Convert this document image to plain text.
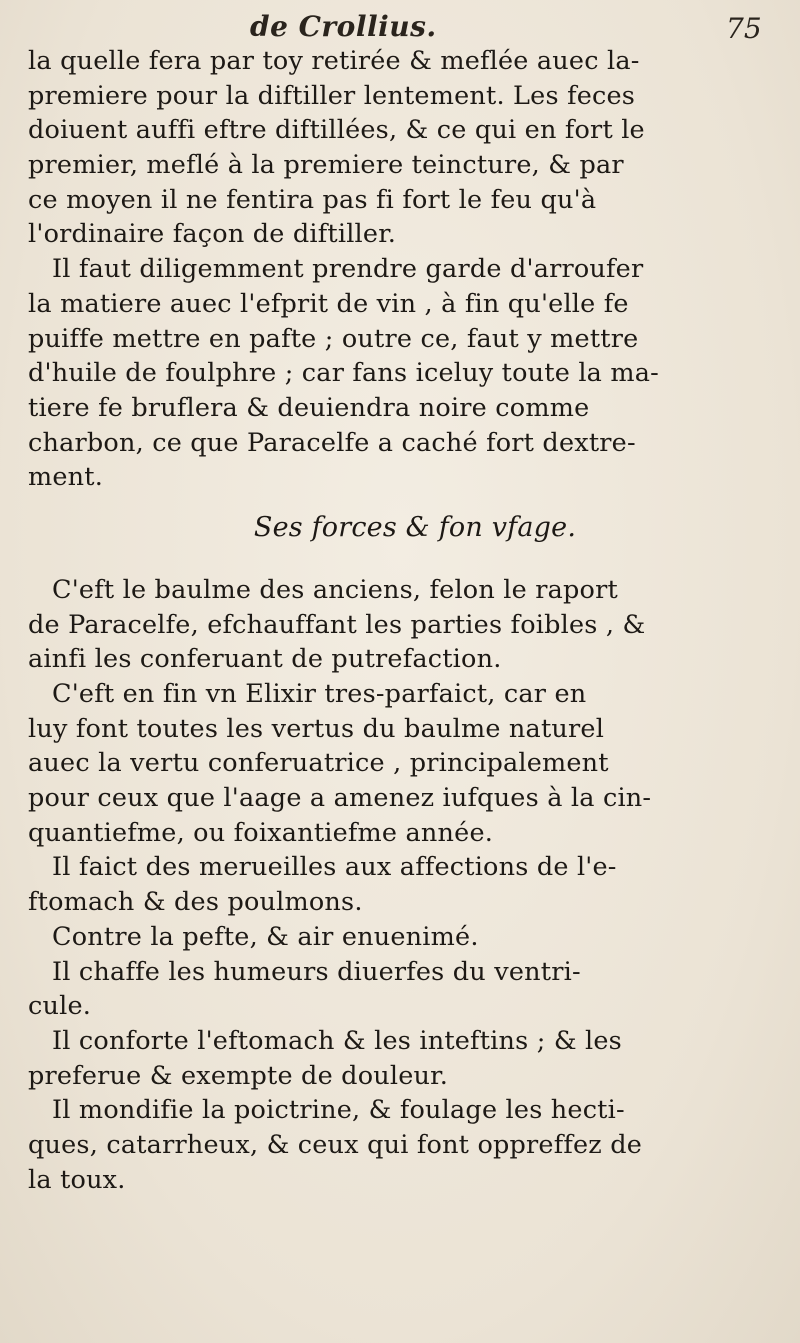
de Crollius.	75
la quelle fera par toy retirée & meflée auec la-
premiere pour la diftiller lentement. Les feces
doiuent auffi eftre diftillées, & ce qui en fort le
premier, meflé à la premiere teincture, & par
ce moyen il ne fentira pas fi fort le feu qu'à
l'ordinaire façon de diftiller.
Il faut diligemment prendre garde d'arroufer
la matiere auec l'efprit de vin , à fin qu'elle fe
puiffe mettre en pafte ; outre ce, faut y mettre
d'huile de foulphre ; car fans iceluy toute la ma-
tiere fe bruflera & deuiendra noire comme
charbon, ce que Paracelfe a caché fort dextre-
ment.
Ses forces & fon vfage.
C'eft le baulme des anciens, felon le raport
de Paracelfe, efchauffant les parties foibles , &
ainfi les conferuant de putrefaction.
C'eft en fin vn Elixir tres-parfaict, car en
luy font toutes les vertus du baulme naturel
auec la vertu conferuatrice , principalement
pour ceux que l'aage a amenez iufques à la cin-
quantiefme, ou foixantiefme année.
Il faict des merueilles aux affections de l'e-
ftomach & des poulmons.
Contre la pefte, & air enuenimé.
Il chaffe les humeurs diuerfes du ventri-
cule.
Il conforte l'eftomach & les inteftins ; & les
preferue & exempte de douleur.
Il mondifie la poictrine, & foulage les hecti-
ques, catarrheux, & ceux qui font oppreffez de
la toux.
